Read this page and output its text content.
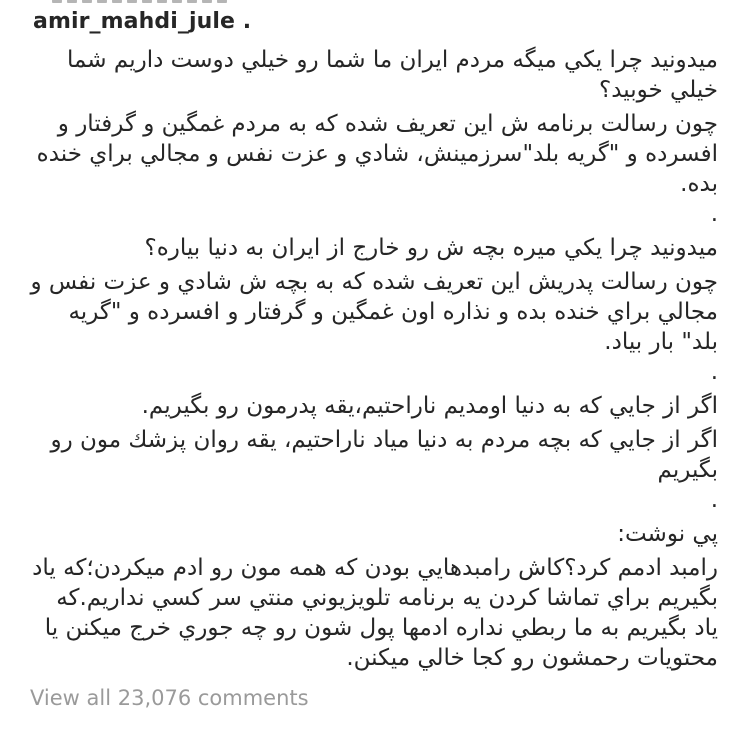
amir_mahdi_jule .

میدونید چرا یکي میگه مردم ایران ما شما رو خیلي دوست داریم شما خیلي خوبید؟

چون رسالت برنامه ش این تعریف شده که به مردم غمگین و گرفتار و افسرده و "گریه بلد"سرزمینش، شادي و عزت نفس و مجالي براي خنده بده.

.

میدونید چرا یکي میره بچه ش رو خارج از ایران به دنیا بیاره؟

چون رسالت پدریش این تعریف شده که به بچه ش شادي و عزت نفس و مجالي براي خنده بده و نذاره اون غمگین و گرفتار و افسرده و "گریه بلد" بار بیاد.

.

اگر از جایي که به دنیا اومدیم ناراحتیم،یقه پدرمون رو بگیریم.

اگر از جایي که بچه مردم به دنیا میاد ناراحتیم، یقه روان پزشك مون رو بگیریم

.

پي نوشت:

رامبد ادمم کرد؟کاش رامبدهایي بودن که همه مون رو ادم میکردن؛که یاد بگیریم براي تماشا کردن یه برنامه تلویزیوني منتي سر کسي نداریم.که یاد بگیریم به ما ربطي نداره ادمها پول شون رو چه جوري خرج میکنن یا محتویات رحمشون رو کجا خالي میکنن.

View all 23,076 comments
